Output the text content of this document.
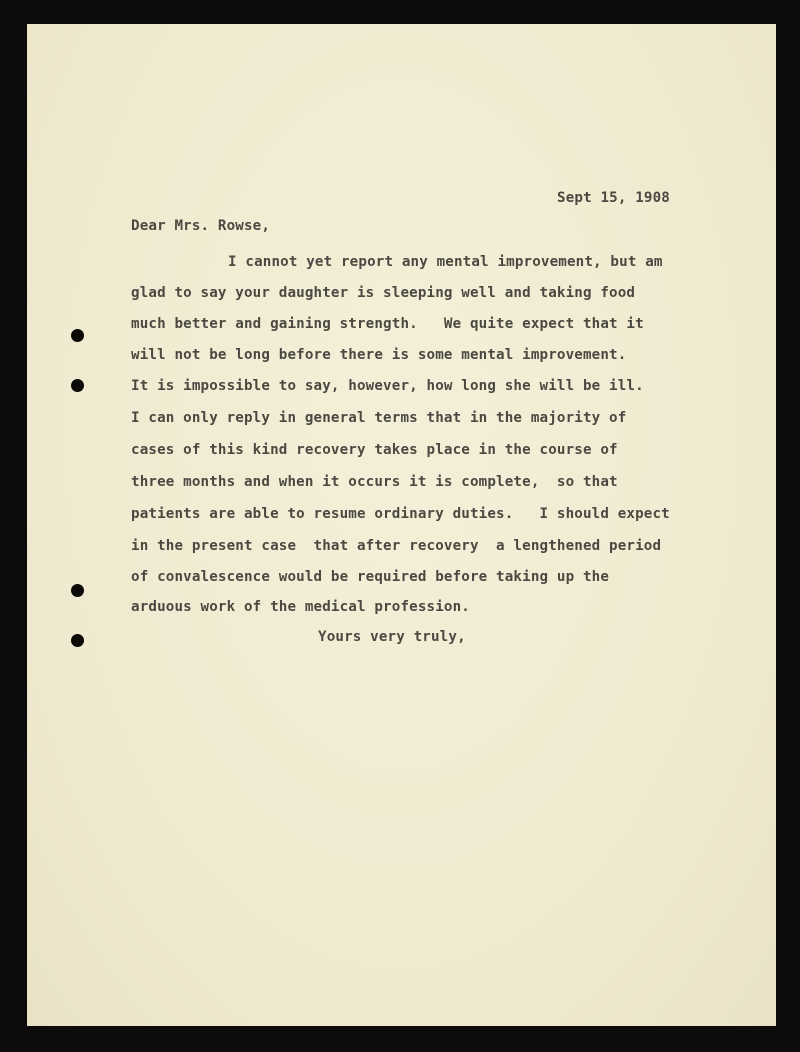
Sept 15, 1908
Dear Mrs. Rowse,
I cannot yet report any mental improvement, but am
glad to say your daughter is sleeping well and taking food
much better and gaining strength.   We quite expect that it
will not be long before there is some mental improvement.
It is impossible to say, however, how long she will be ill.
I can only reply in general terms that in the majority of
cases of this kind recovery takes place in the course of
three months and when it occurs it is complete,  so that
patients are able to resume ordinary duties.   I should expect
in the present case  that after recovery  a lengthened period
of convalescence would be required before taking up the
arduous work of the medical profession.
Yours very truly,
